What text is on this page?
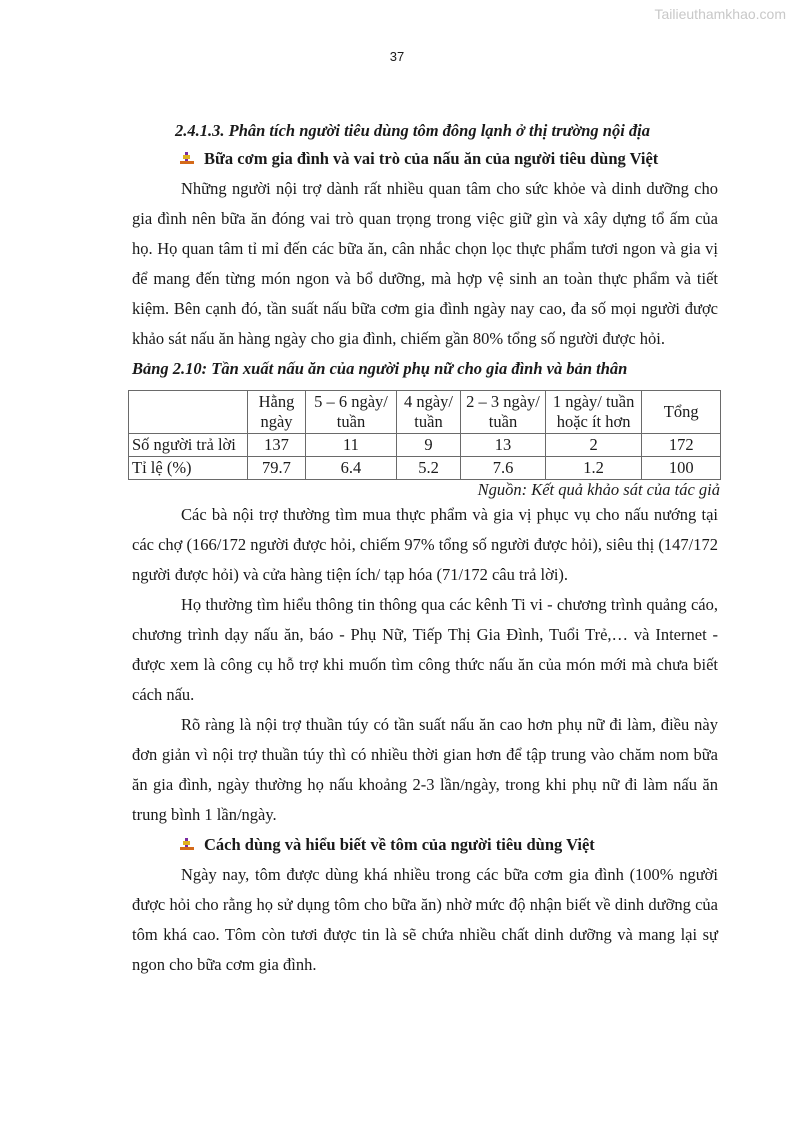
Tailieuthamkhao.com
37
2.4.1.3. Phân tích người tiêu dùng tôm đông lạnh ở thị trường nội địa
Bữa cơm gia đình và vai trò của nấu ăn của người tiêu dùng Việt

Những người nội trợ dành rất nhiều quan tâm cho sức khỏe và dinh dưỡng cho gia đình nên bữa ăn đóng vai trò quan trọng trong việc giữ gìn và xây dựng tổ ấm của họ. Họ quan tâm tỉ mỉ đến các bữa ăn, cân nhắc chọn lọc thực phẩm tươi ngon và gia vị để mang đến từng món ngon và bổ dưỡng, mà hợp vệ sinh an toàn thực phẩm và tiết kiệm. Bên cạnh đó, tần suất nấu bữa cơm gia đình ngày nay cao, đa số mọi người được khảo sát nấu ăn hàng ngày cho gia đình, chiếm gần 80% tổng số người được hỏi.

Bảng 2.10: Tần xuất nấu ăn của người phụ nữ cho gia đình và bản thân
	Hằng ngày	5 – 6 ngày/ tuần	4 ngày/ tuần	2 – 3 ngày/ tuần	1 ngày/ tuần hoặc ít hơn	Tổng
Số người trả lời	137	11	9	13	2	172
Tỉ lệ (%)	79.7	6.4	5.2	7.6	1.2	100
Nguồn: Kết quả khảo sát của tác giả

Các bà nội trợ thường tìm mua thực phẩm và gia vị phục vụ cho nấu nướng tại các chợ (166/172 người được hỏi, chiếm 97% tổng số người được hỏi), siêu thị (147/172 người được hỏi) và cửa hàng tiện ích/ tạp hóa (71/172 câu trả lời).

Họ thường tìm hiểu thông tin thông qua các kênh Ti vi - chương trình quảng cáo, chương trình dạy nấu ăn, báo - Phụ Nữ, Tiếp Thị Gia Đình, Tuổi Trẻ,… và Internet - được xem là công cụ hỗ trợ khi muốn tìm công thức nấu ăn của món mới mà chưa biết cách nấu.

Rõ ràng là nội trợ thuần túy có tần suất nấu ăn cao hơn phụ nữ đi làm, điều này đơn giản vì nội trợ thuần túy thì có nhiều thời gian hơn để tập trung vào chăm nom bữa ăn gia đình, ngày thường họ nấu khoảng 2-3 lần/ngày, trong khi phụ nữ đi làm nấu ăn trung bình 1 lần/ngày.

Cách dùng và hiểu biết về tôm của người tiêu dùng Việt

Ngày nay, tôm được dùng khá nhiều trong các bữa cơm gia đình (100% người được hỏi cho rằng họ sử dụng tôm cho bữa ăn) nhờ mức độ nhận biết về dinh dưỡng của tôm khá cao. Tôm còn tươi được tin là sẽ chứa nhiều chất dinh dưỡng và mang lại sự ngon cho bữa cơm gia đình.
